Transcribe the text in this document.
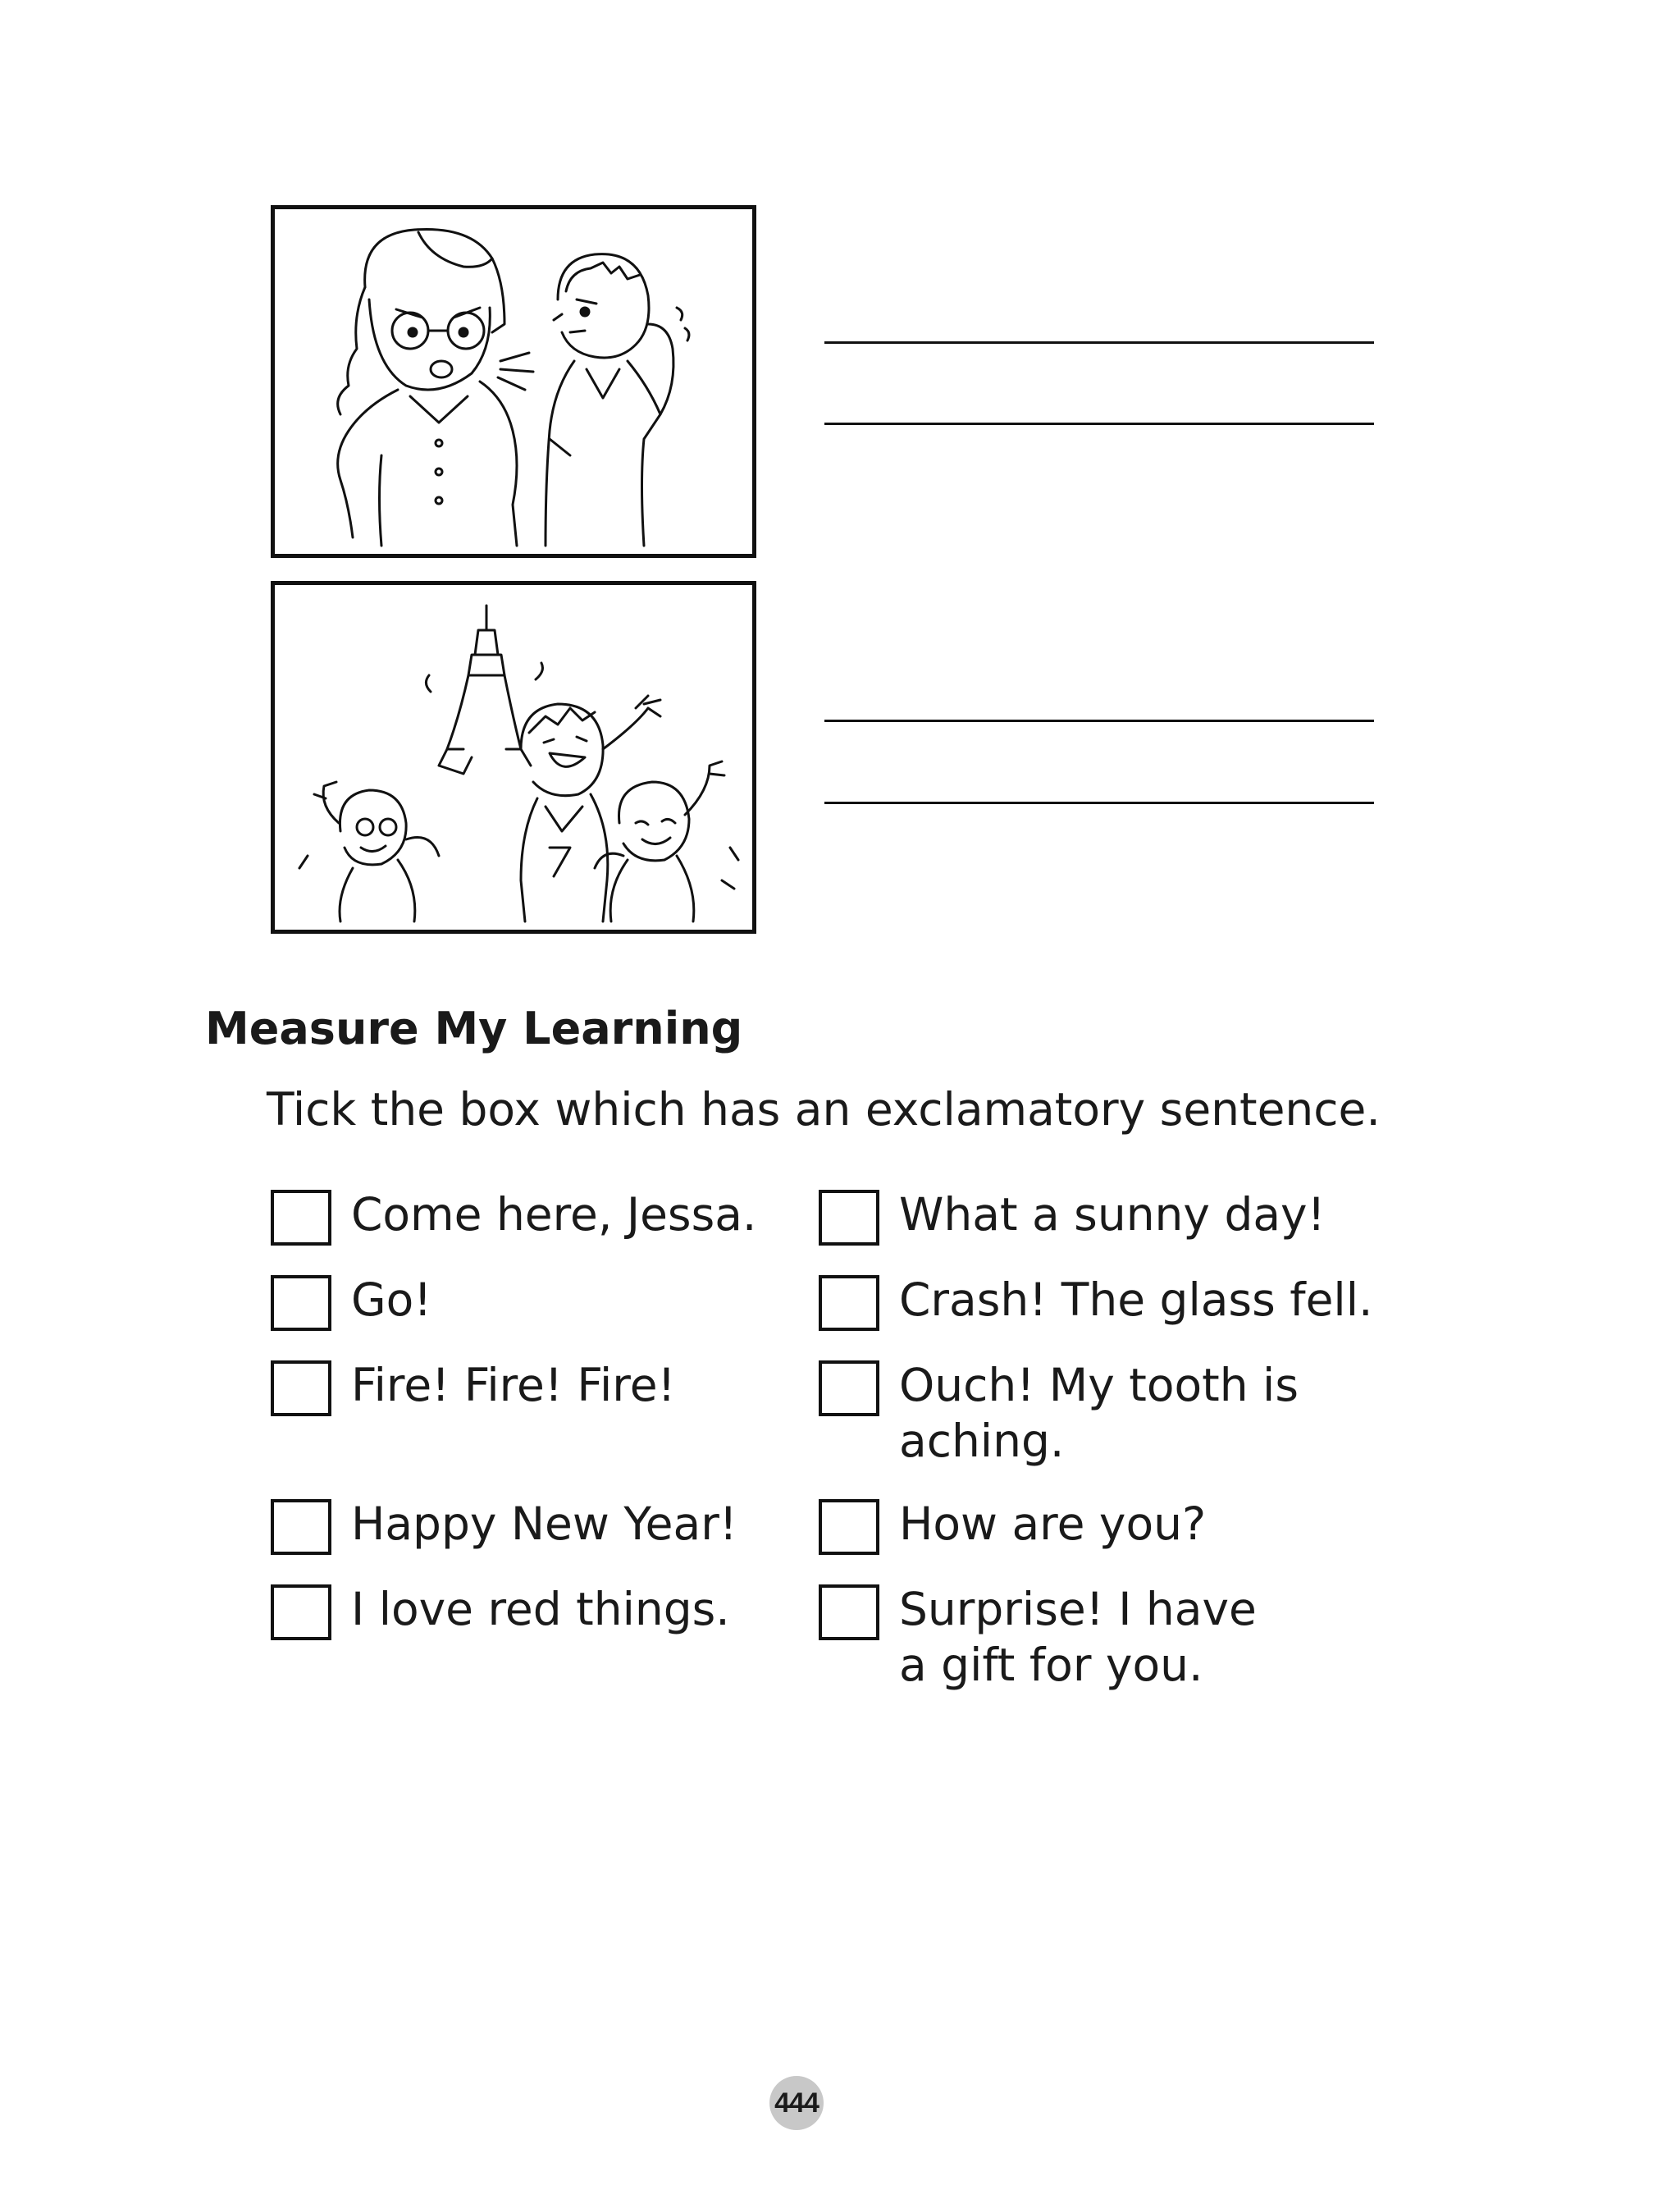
Measure My Learning
Tick the box which has an exclamatory sentence.
Come here, Jessa.
Go!
Fire! Fire! Fire!
Happy New Year!
I love red things.
What a sunny day!
Crash! The glass fell.
Ouch! My tooth is
aching.
How are you?
Surprise! I have
a gift for you.
444
